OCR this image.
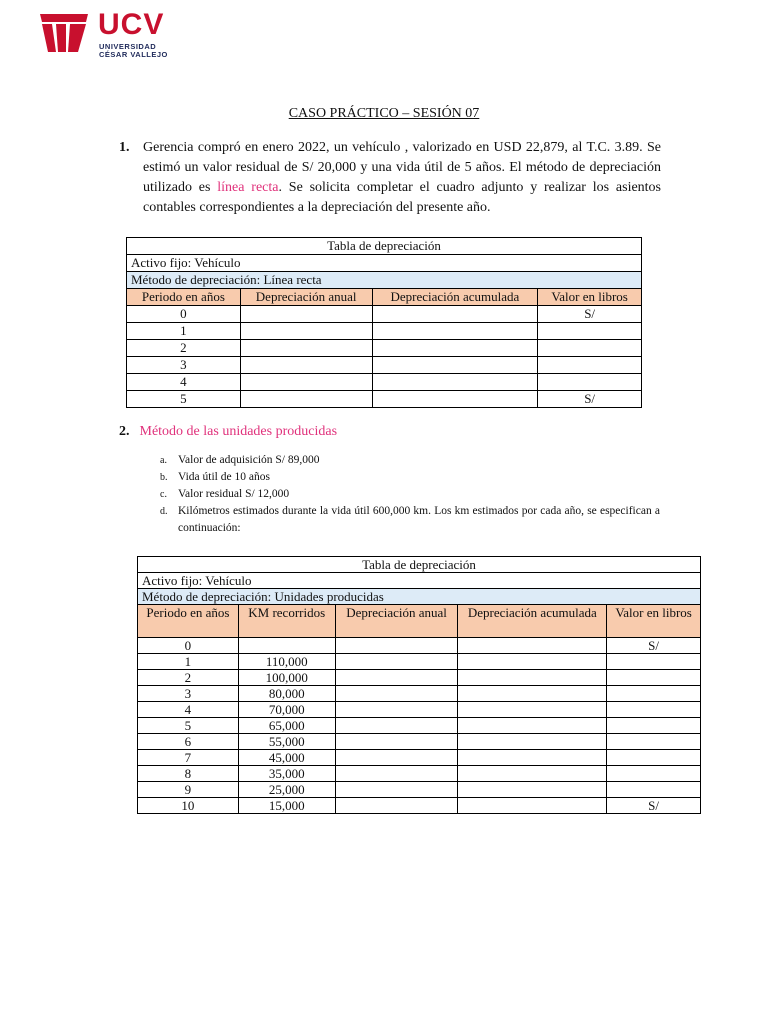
UCV
UNIVERSIDAD
CÉSAR VALLEJO
CASO PRÁCTICO – SESIÓN 07
1. Gerencia compró en enero 2022, un vehículo , valorizado en USD 22,879, al T.C. 3.89. Se estimó un valor residual de S/ 20,000 y una vida útil de 5 años. El método de depreciación utilizado es línea recta. Se solicita completar el cuadro adjunto y realizar los asientos contables correspondientes a la depreciación del presente año.
Tabla de depreciación			
Activo fijo: Vehículo			
Método de depreciación: Línea recta			
Periodo en años	Depreciación anual	Depreciación acumulada	Valor en libros
0			S/
1			
2			
3			
4			
5			S/
2. Método de las unidades producidas
a. Valor de adquisición S/ 89,000
b. Vida útil de 10 años
c. Valor residual S/ 12,000
d. Kilómetros estimados durante la vida útil 600,000 km. Los km estimados por cada año, se especifican a continuación:
Tabla de depreciación				
Activo fijo: Vehículo				
Método de depreciación: Unidades producidas				
Periodo en años	KM recorridos	Depreciación anual	Depreciación acumulada	Valor en libros
0				S/
1	110,000			
2	100,000			
3	80,000			
4	70,000			
5	65,000			
6	55,000			
7	45,000			
8	35,000			
9	25,000			
10	15,000			S/
